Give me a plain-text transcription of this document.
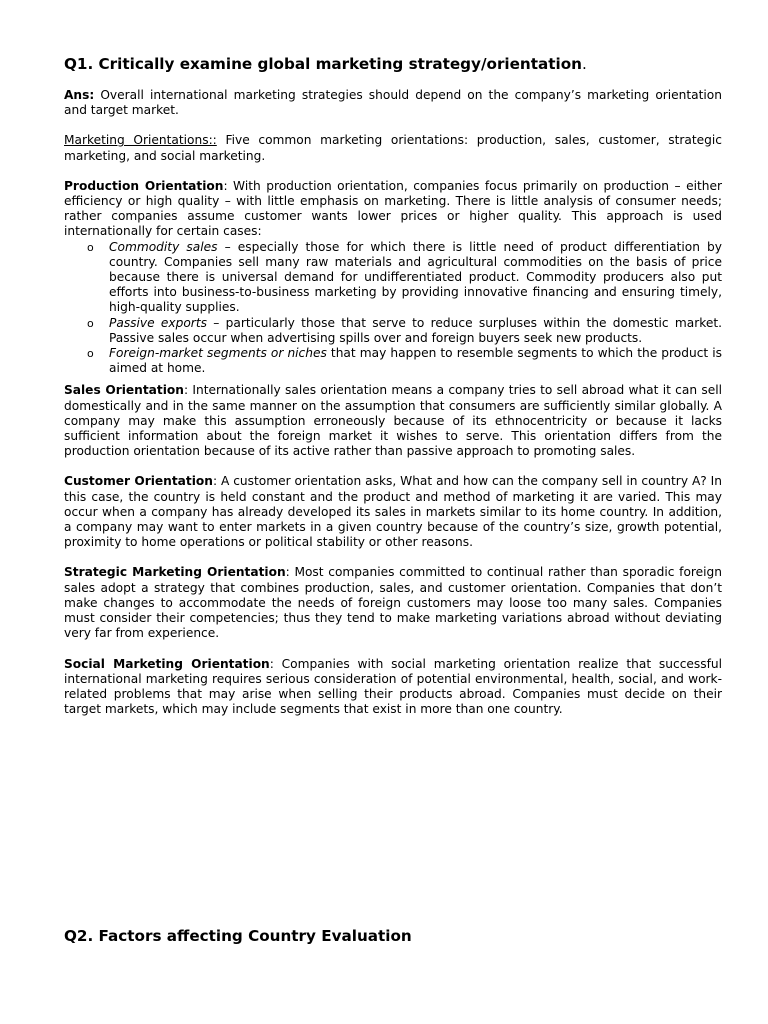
Q1. Critically examine global marketing strategy/orientation.

Ans: Overall international marketing strategies should depend on the company’s marketing orientation and target market.

Marketing Orientations:: Five common marketing orientations: production, sales, customer, strategic marketing, and social marketing.

Production Orientation: With production orientation, companies focus primarily on production – either efficiency or high quality – with little emphasis on marketing. There is little analysis of consumer needs; rather companies assume customer wants lower prices or higher quality. This approach is used internationally for certain cases:

o Commodity sales – especially those for which there is little need of product differentiation by country. Companies sell many raw materials and agricultural commodities on the basis of price because there is universal demand for undifferentiated product. Commodity producers also put efforts into business-to-business marketing by providing innovative financing and ensuring timely, high-quality supplies.
o Passive exports – particularly those that serve to reduce surpluses within the domestic market. Passive sales occur when advertising spills over and foreign buyers seek new products.
o Foreign-market segments or niches that may happen to resemble segments to which the product is aimed at home.

Sales Orientation: Internationally sales orientation means a company tries to sell abroad what it can sell domestically and in the same manner on the assumption that consumers are sufficiently similar globally. A company may make this assumption erroneously because of its ethnocentricity or because it lacks sufficient information about the foreign market it wishes to serve. This orientation differs from the production orientation because of its active rather than passive approach to promoting sales.

Customer Orientation: A customer orientation asks, What and how can the company sell in country A? In this case, the country is held constant and the product and method of marketing it are varied. This may occur when a company has already developed its sales in markets similar to its home country. In addition, a company may want to enter markets in a given country because of the country’s size, growth potential, proximity to home operations or political stability or other reasons.

Strategic Marketing Orientation: Most companies committed to continual rather than sporadic foreign sales adopt a strategy that combines production, sales, and customer orientation. Companies that don’t make changes to accommodate the needs of foreign customers may loose too many sales. Companies must consider their competencies; thus they tend to make marketing variations abroad without deviating very far from experience.

Social Marketing Orientation: Companies with social marketing orientation realize that successful international marketing requires serious consideration of potential environmental, health, social, and work-related problems that may arise when selling their products abroad. Companies must decide on their target markets, which may include segments that exist in more than one country.

Q2. Factors affecting Country Evaluation
